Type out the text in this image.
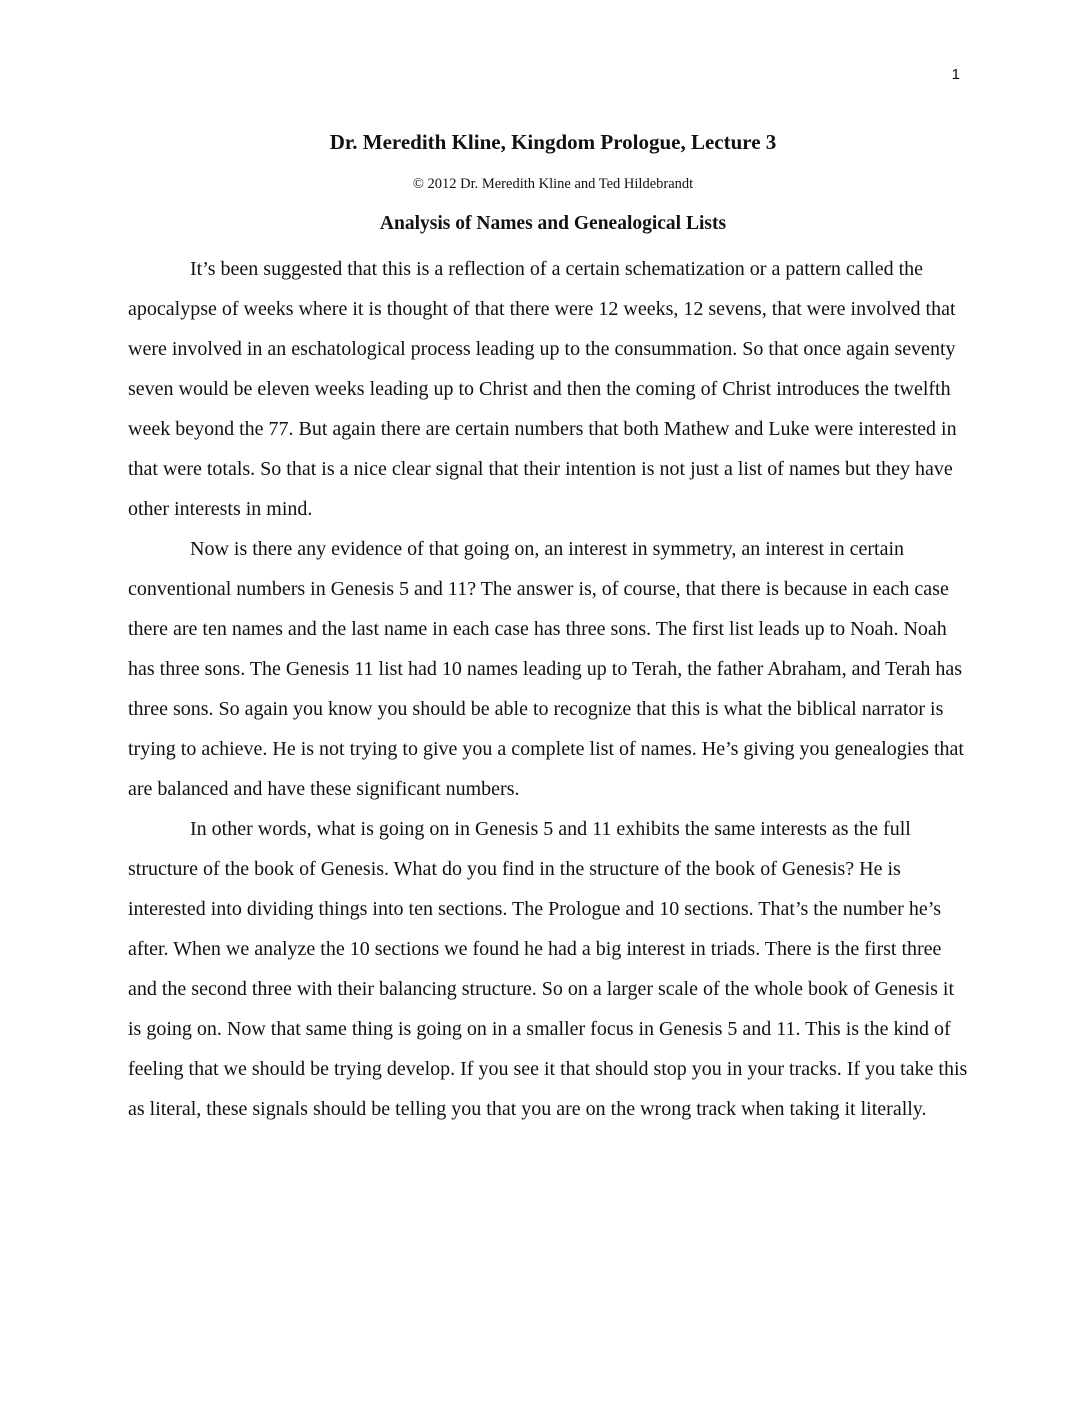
1
Dr. Meredith Kline, Kingdom Prologue, Lecture 3

© 2012 Dr. Meredith Kline and Ted Hildebrandt

Analysis of Names and Genealogical Lists

It’s been suggested that this is a reflection of a certain schematization or a pattern called the apocalypse of weeks where it is thought of that there were 12 weeks, 12 sevens, that were involved that were involved in an eschatological process leading up to the consummation. So that once again seventy seven would be eleven weeks leading up to Christ and then the coming of Christ introduces the twelfth week beyond the 77. But again there are certain numbers that both Mathew and Luke were interested in that were totals. So that is a nice clear signal that their intention is not just a list of names but they have other interests in mind.

Now is there any evidence of that going on, an interest in symmetry, an interest in certain conventional numbers in Genesis 5 and 11? The answer is, of course, that there is because in each case there are ten names and the last name in each case has three sons. The first list leads up to Noah. Noah has three sons. The Genesis 11 list had 10 names leading up to Terah, the father Abraham, and Terah has three sons. So again you know you should be able to recognize that this is what the biblical narrator is trying to achieve. He is not trying to give you a complete list of names. He’s giving you genealogies that are balanced and have these significant numbers.

In other words, what is going on in Genesis 5 and 11 exhibits the same interests as the full structure of the book of Genesis. What do you find in the structure of the book of Genesis? He is interested into dividing things into ten sections. The Prologue and 10 sections. That’s the number he’s after. When we analyze the 10 sections we found he had a big interest in triads. There is the first three and the second three with their balancing structure. So on a larger scale of the whole book of Genesis it is going on. Now that same thing is going on in a smaller focus in Genesis 5 and 11. This is the kind of feeling that we should be trying develop. If you see it that should stop you in your tracks. If you take this as literal, these signals should be telling you that you are on the wrong track when taking it literally.
